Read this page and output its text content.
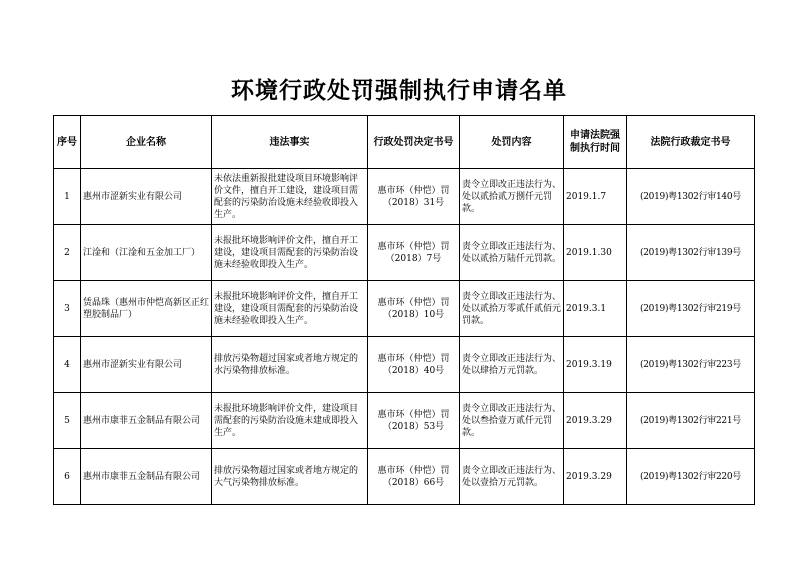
环境行政处罚强制执行申请名单
序号	企业名称	违法事实	行政处罚决定书号	处罚内容	申请法院强制执行时间	法院行政裁定书号
1	惠州市涩新实业有限公司	未依法重新报批建设项目环境影响评价文件，擅自开工建设，建设项目需配套的污染防治设施未经验收即投入生产。	惠市环（仲恺）罚（2018）31号	责令立即改正违法行为、处以贰拾贰万捌仟元罚款。	2019.1.7	(2019)粤1302行审140号
2	江淦和（江淦和五金加工厂）	未报批环境影响评价文件，擅自开工建设，建设项目需配套的污染防治设施未经验收即投入生产。	惠市环（仲恺）罚（2018）7号	责令立即改正违法行为、处以贰拾万陆仟元罚款。	2019.1.30	(2019)粤1302行审139号
3	赁晶珠（惠州市仲恺高新区正红塑胶制品厂）	未报批环境影响评价文件，擅自开工建设，建设项目需配套的污染防治设施未经验收即投入生产。	惠市环（仲恺）罚（2018）10号	责令立即改正违法行为、处以贰拾万零贰仟贰佰元罚款。	2019.3.1	(2019)粤1302行审219号
4	惠州市涩新实业有限公司	排放污染物超过国家或者地方规定的水污染物排放标准。	惠市环（仲恺）罚（2018）40号	责令立即改正违法行为、处以肆拾万元罚款。	2019.3.19	(2019)粤1302行审223号
5	惠州市康菲五金制品有限公司	未报批环境影响评价文件，建设项目需配套的污染防治设施未建成即投入生产。	惠市环（仲恺）罚（2018）53号	责令立即改正违法行为、处以叁拾壹万贰仟元罚款。	2019.3.29	(2019)粤1302行审221号
6	惠州市康菲五金制品有限公司	排放污染物超过国家或者地方规定的大气污染物排放标准。	惠市环（仲恺）罚（2018）66号	责令立即改正违法行为、处以壹拾万元罚款。	2019.3.29	(2019)粤1302行审220号
